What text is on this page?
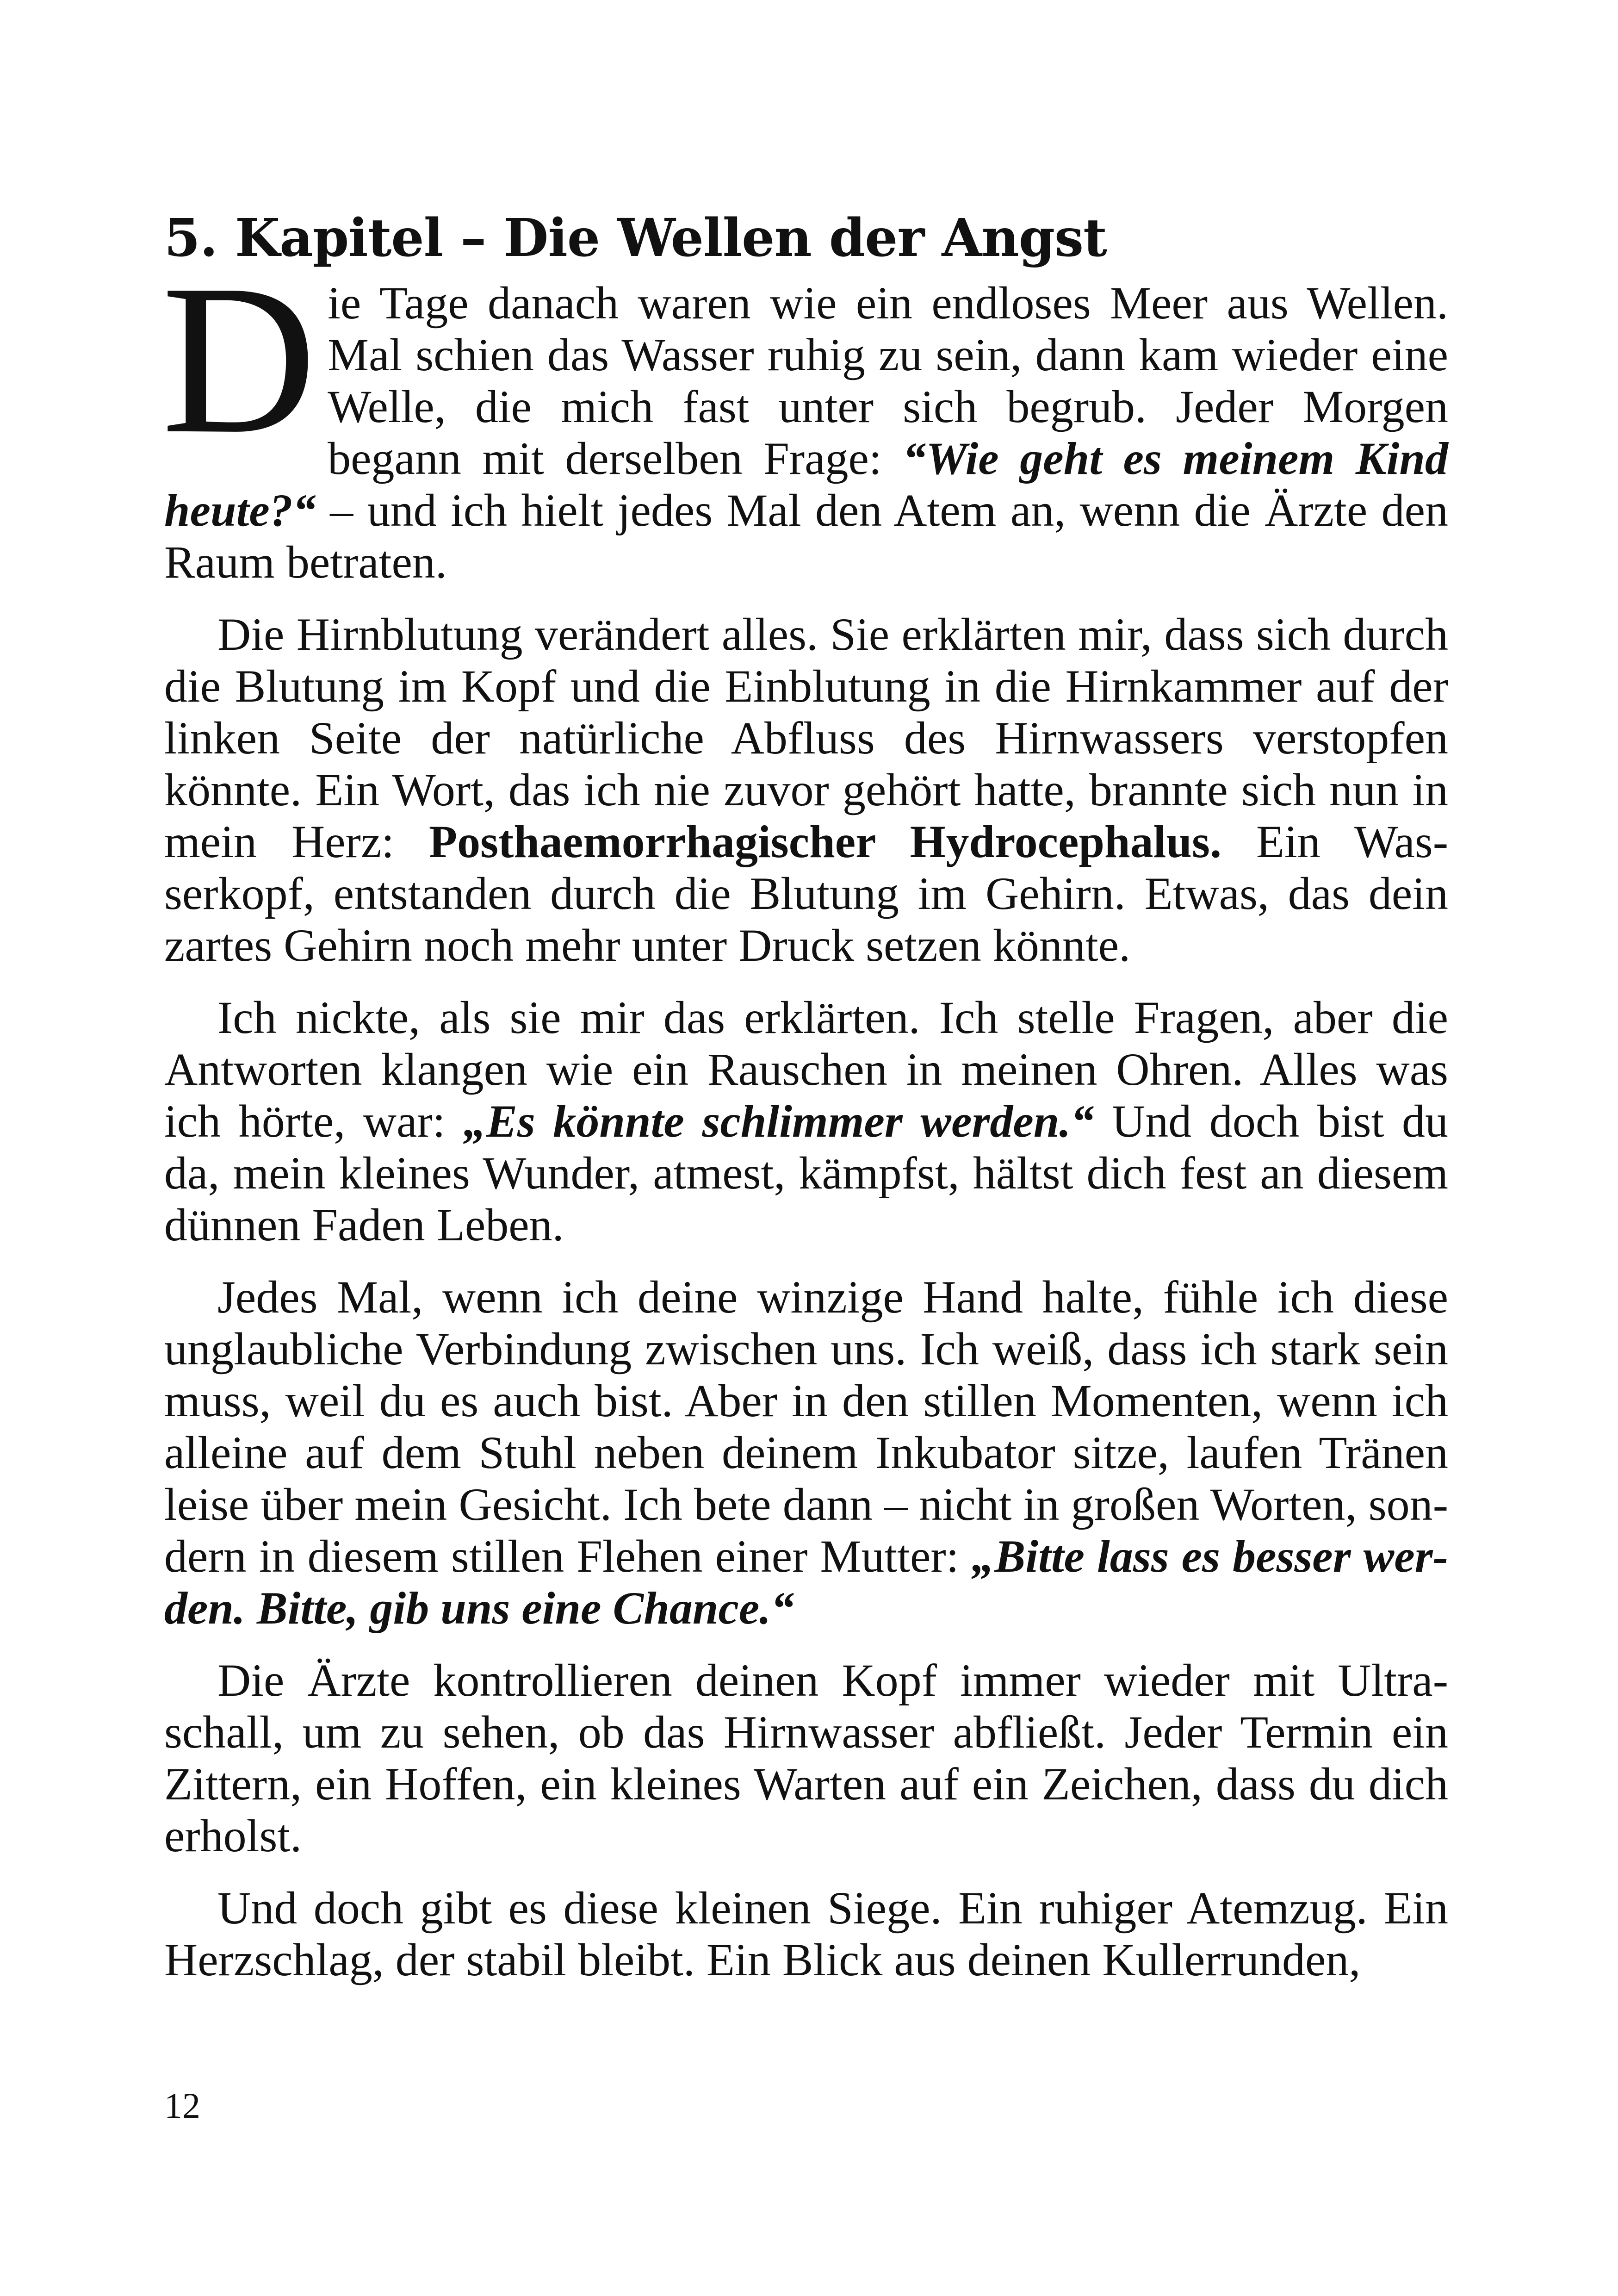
5. Kapitel – Die Wellen der Angst

Die Tage danach waren wie ein endloses Meer aus Wellen. Mal schien das Wasser ruhig zu sein, dann kam wieder eine Welle, die mich fast unter sich begrub. Jeder Morgen begann mit derselben Frage: “Wie geht es meinem Kind heute?“ – und ich hielt jedes Mal den Atem an, wenn die Ärzte den Raum betraten.

Die Hirnblutung verändert alles. Sie erklärten mir, dass sich durch die Blutung im Kopf und die Einblutung in die Hirnkammer auf der linken Seite der natürliche Abfluss des Hirnwassers verstopfen könnte. Ein Wort, das ich nie zuvor gehört hatte, brannte sich nun in mein Herz: Posthaemorrhagischer Hydrocephalus. Ein Wasserkopf, entstanden durch die Blutung im Gehirn. Etwas, das dein zartes Gehirn noch mehr unter Druck setzen könnte.

Ich nickte, als sie mir das erklärten. Ich stelle Fragen, aber die Antworten klangen wie ein Rauschen in meinen Ohren. Alles was ich hörte, war: „Es könnte schlimmer werden.“ Und doch bist du da, mein kleines Wunder, atmest, kämpfst, hältst dich fest an diesem dünnen Faden Leben.

Jedes Mal, wenn ich deine winzige Hand halte, fühle ich diese unglaubliche Verbindung zwischen uns. Ich weiß, dass ich stark sein muss, weil du es auch bist. Aber in den stillen Momenten, wenn ich alleine auf dem Stuhl neben deinem Inkubator sitze, laufen Tränen leise über mein Gesicht. Ich bete dann – nicht in großen Worten, sondern in diesem stillen Flehen einer Mutter: „Bitte lass es besser werden. Bitte, gib uns eine Chance.“

Die Ärzte kontrollieren deinen Kopf immer wieder mit Ultraschall, um zu sehen, ob das Hirnwasser abfließt. Jeder Termin ein Zittern, ein Hoffen, ein kleines Warten auf ein Zeichen, dass du dich erholst.

Und doch gibt es diese kleinen Siege. Ein ruhiger Atemzug. Ein Herzschlag, der stabil bleibt. Ein Blick aus deinen Kullerrunden,

12
